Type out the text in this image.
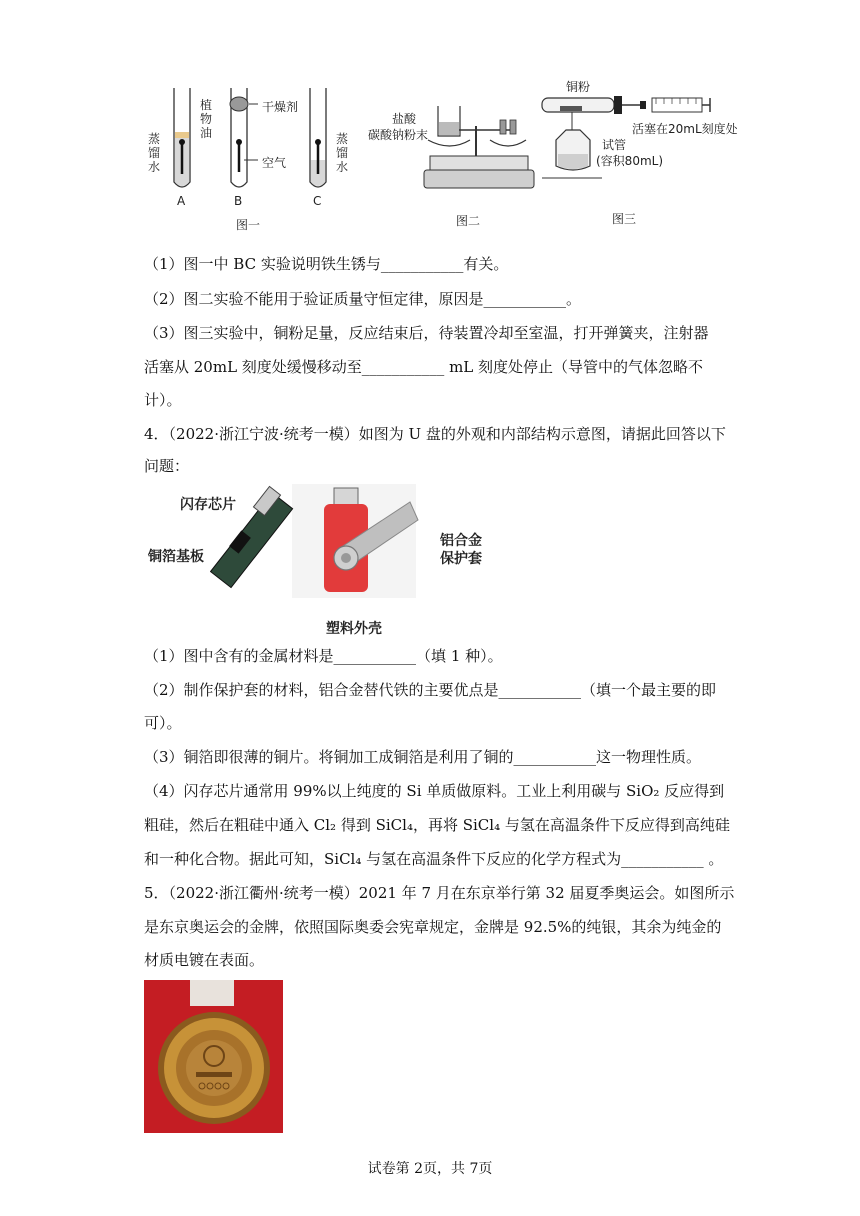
蒸馏水
植物油
干燥剂
空气
蒸馏水
A	B	C
图一
盐酸
碳酸钠粉末
图二
铜粉
活塞在20mL刻度处
试管
(容积80mL)
图三
（1）图一中 BC 实验说明铁生锈与___________有关。
（2）图二实验不能用于验证质量守恒定律，原因是___________。
（3）图三实验中，铜粉足量，反应结束后，待装置冷却至室温，打开弹簧夹，注射器
活塞从 20mL 刻度处缓慢移动至___________ mL 刻度处停止（导管中的气体忽略不
计）。
4．（2022·浙江宁波·统考一模）如图为 U 盘的外观和内部结构示意图，请据此回答以下
问题：
闪存芯片
铜箔基板
铝合金
保护套
塑料外壳
（1）图中含有的金属材料是___________（填 1 种）。
（2）制作保护套的材料，铝合金替代铁的主要优点是___________（填一个最主要的即
可）。
（3）铜箔即很薄的铜片。将铜加工成铜箔是利用了铜的___________这一物理性质。
（4）闪存芯片通常用 99%以上纯度的 Si 单质做原料。工业上利用碳与 SiO₂ 反应得到
粗硅，然后在粗硅中通入 Cl₂ 得到 SiCl₄，再将 SiCl₄ 与氢在高温条件下反应得到高纯硅
和一种化合物。据此可知，SiCl₄ 与氢在高温条件下反应的化学方程式为___________ 。
5．（2022·浙江衢州·统考一模）2021 年 7 月在东京举行第 32 届夏季奥运会。如图所示
是东京奥运会的金牌，依照国际奥委会宪章规定，金牌是 92.5%的纯银，其余为纯金的
材质电镀在表面。
试卷第 2页，共 7页
